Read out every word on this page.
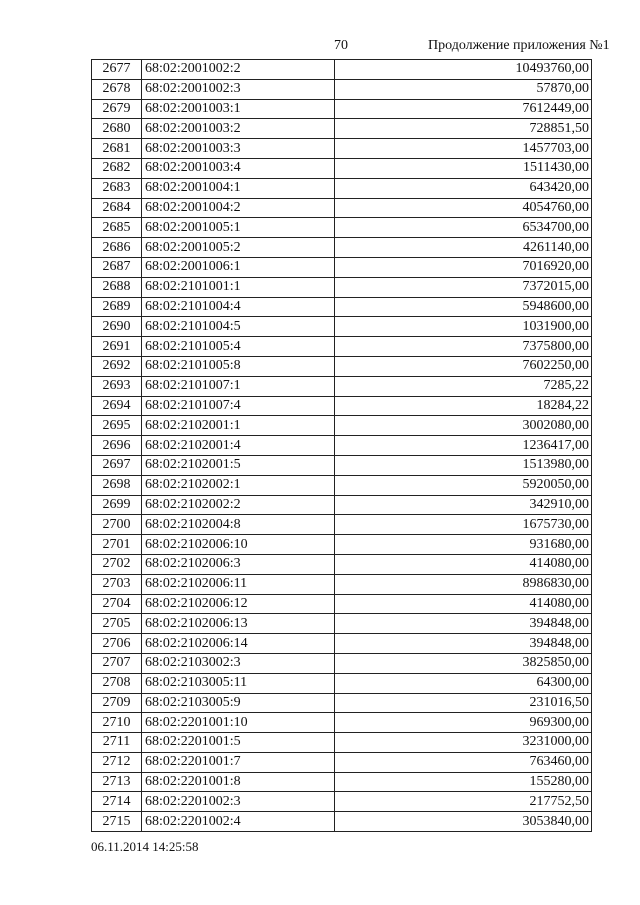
70	Продолжение приложения №1
2677	68:02:2001002:2	10493760,00
2678	68:02:2001002:3	57870,00
2679	68:02:2001003:1	7612449,00
2680	68:02:2001003:2	728851,50
2681	68:02:2001003:3	1457703,00
2682	68:02:2001003:4	1511430,00
2683	68:02:2001004:1	643420,00
2684	68:02:2001004:2	4054760,00
2685	68:02:2001005:1	6534700,00
2686	68:02:2001005:2	4261140,00
2687	68:02:2001006:1	7016920,00
2688	68:02:2101001:1	7372015,00
2689	68:02:2101004:4	5948600,00
2690	68:02:2101004:5	1031900,00
2691	68:02:2101005:4	7375800,00
2692	68:02:2101005:8	7602250,00
2693	68:02:2101007:1	7285,22
2694	68:02:2101007:4	18284,22
2695	68:02:2102001:1	3002080,00
2696	68:02:2102001:4	1236417,00
2697	68:02:2102001:5	1513980,00
2698	68:02:2102002:1	5920050,00
2699	68:02:2102002:2	342910,00
2700	68:02:2102004:8	1675730,00
2701	68:02:2102006:10	931680,00
2702	68:02:2102006:3	414080,00
2703	68:02:2102006:11	8986830,00
2704	68:02:2102006:12	414080,00
2705	68:02:2102006:13	394848,00
2706	68:02:2102006:14	394848,00
2707	68:02:2103002:3	3825850,00
2708	68:02:2103005:11	64300,00
2709	68:02:2103005:9	231016,50
2710	68:02:2201001:10	969300,00
2711	68:02:2201001:5	3231000,00
2712	68:02:2201001:7	763460,00
2713	68:02:2201001:8	155280,00
2714	68:02:2201002:3	217752,50
2715	68:02:2201002:4	3053840,00
06.11.2014 14:25:58
